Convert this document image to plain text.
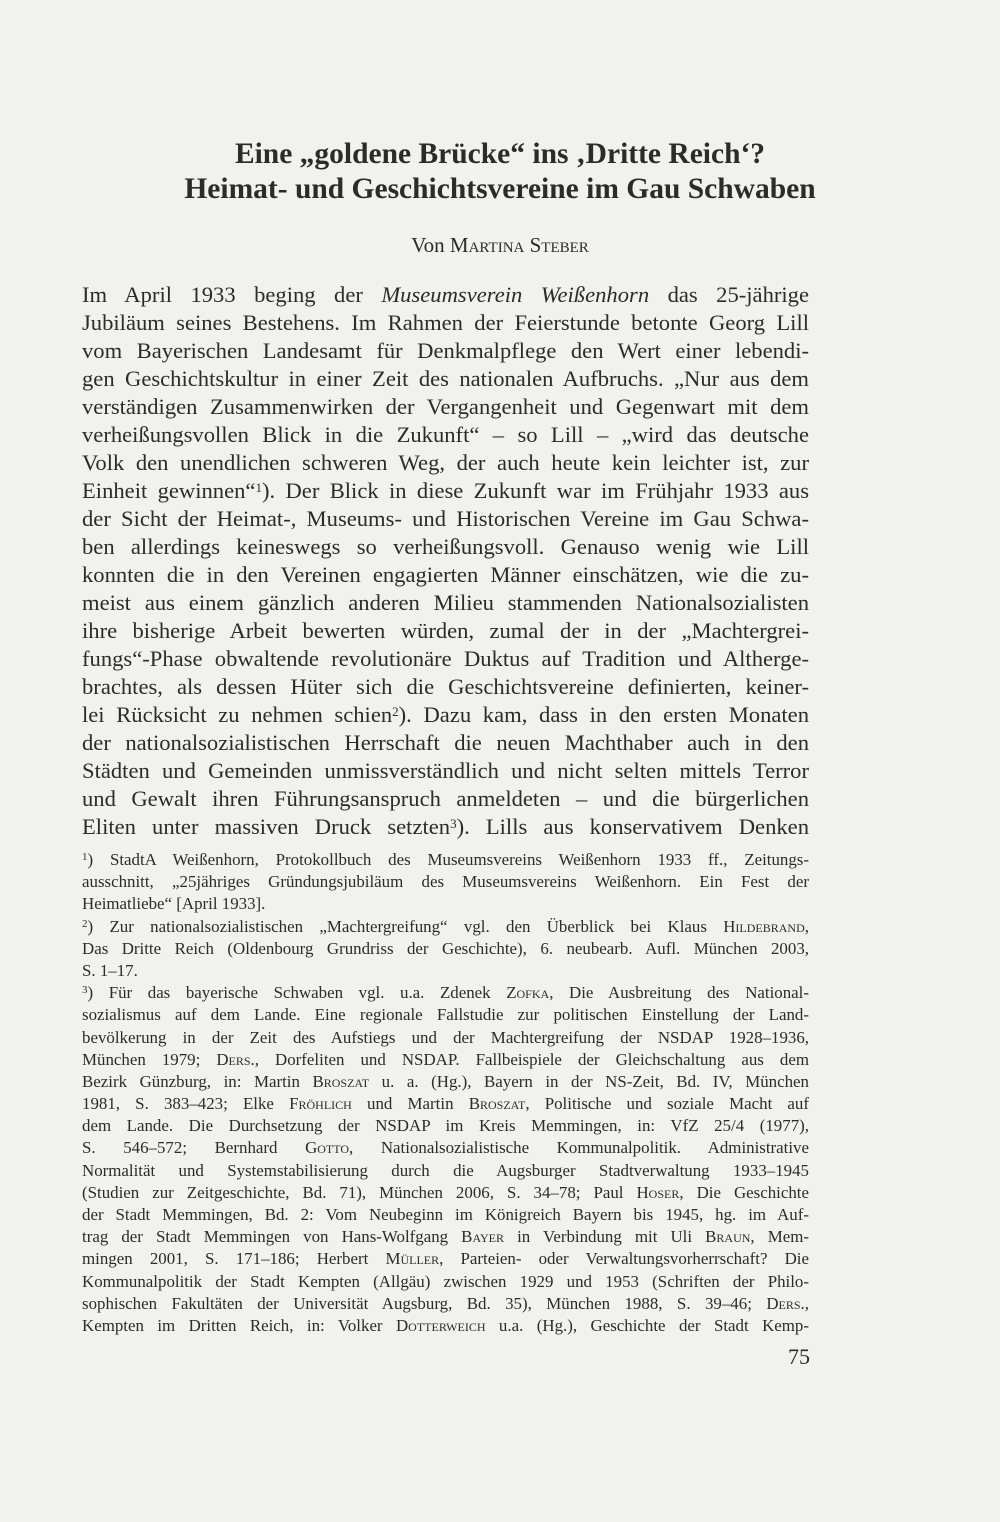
Eine „goldene Brücke“ ins ‚Dritte Reich‘?
Heimat- und Geschichtsvereine im Gau Schwaben
Von Martina Steber
Im April 1933 beging der Museumsverein Weißenhorn das 25-jährige
Jubiläum seines Bestehens. Im Rahmen der Feierstunde betonte Georg Lill
vom Bayerischen Landesamt für Denkmalpflege den Wert einer lebendi-
gen Geschichtskultur in einer Zeit des nationalen Aufbruchs. „Nur aus dem
verständigen Zusammenwirken der Vergangenheit und Gegenwart mit dem
verheißungsvollen Blick in die Zukunft“ – so Lill – „wird das deutsche
Volk den unendlichen schweren Weg, der auch heute kein leichter ist, zur
Einheit gewinnen“$^1$). Der Blick in diese Zukunft war im Frühjahr 1933 aus
der Sicht der Heimat-, Museums- und Historischen Vereine im Gau Schwa-
ben allerdings keineswegs so verheißungsvoll. Genauso wenig wie Lill
konnten die in den Vereinen engagierten Männer einschätzen, wie die zu-
meist aus einem gänzlich anderen Milieu stammenden Nationalsozialisten
ihre bisherige Arbeit bewerten würden, zumal der in der „Machtergrei-
fungs“-Phase obwaltende revolutionäre Duktus auf Tradition und Althergе-
brachtes, als dessen Hüter sich die Geschichtsvereine definierten, keiner-
lei Rücksicht zu nehmen schien$^2$). Dazu kam, dass in den ersten Monaten
der nationalsozialistischen Herrschaft die neuen Machthaber auch in den
Städten und Gemeinden unmissverständlich und nicht selten mittels Terror
und Gewalt ihren Führungsanspruch anmeldeten – und die bürgerlichen
Eliten unter massiven Druck setzten$^3$). Lills aus konservativem Denken
$^1$) StadtA Weißenhorn, Protokollbuch des Museumsvereins Weißenhorn 1933 ff., Zeitungs-
ausschnitt, „25jähriges Gründungsjubiläum des Museumsvereins Weißenhorn. Ein Fest der
Heimatliebe“ [April 1933].
$^2$) Zur nationalsozialistischen „Machtergreifung“ vgl. den Überblick bei Klaus Hildebrand,
Das Dritte Reich (Oldenbourg Grundriss der Geschichte), 6. neubearb. Aufl. München 2003,
S. 1–17.
$^3$) Für das bayerische Schwaben vgl. u.a. Zdenek Zofka, Die Ausbreitung des National-
sozialismus auf dem Lande. Eine regionale Fallstudie zur politischen Einstellung der Land-
bevölkerung in der Zeit des Aufstiegs und der Machtergreifung der NSDAP 1928–1936,
München 1979; Ders., Dorfeliten und NSDAP. Fallbeispiele der Gleichschaltung aus dem
Bezirk Günzburg, in: Martin Broszat u. a. (Hg.), Bayern in der NS-Zeit, Bd. IV, München
1981, S. 383–423; Elke Fröhlich und Martin Broszat, Politische und soziale Macht auf
dem Lande. Die Durchsetzung der NSDAP im Kreis Memmingen, in: VfZ 25/4 (1977),
S. 546–572; Bernhard Gotto, Nationalsozialistische Kommunalpolitik. Administrative
Normalität und Systemstabilisierung durch die Augsburger Stadtverwaltung 1933–1945
(Studien zur Zeitgeschichte, Bd. 71), München 2006, S. 34–78; Paul Hoser, Die Geschichte
der Stadt Memmingen, Bd. 2: Vom Neubeginn im Königreich Bayern bis 1945, hg. im Auf-
trag der Stadt Memmingen von Hans-Wolfgang Bayer in Verbindung mit Uli Braun, Mem-
mingen 2001, S. 171–186; Herbert Müller, Parteien- oder Verwaltungsvorherrschaft? Die
Kommunalpolitik der Stadt Kempten (Allgäu) zwischen 1929 und 1953 (Schriften der Philo-
sophischen Fakultäten der Universität Augsburg, Bd. 35), München 1988, S. 39–46; Ders.,
Kempten im Dritten Reich, in: Volker Dotterweich u.a. (Hg.), Geschichte der Stadt Kemp-
75
